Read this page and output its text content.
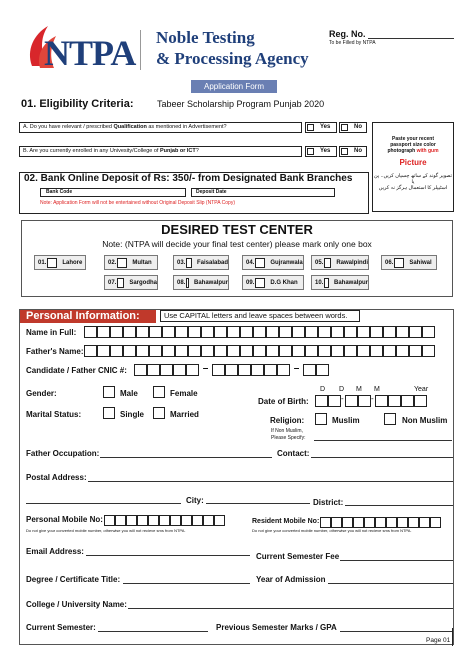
NTPA Noble Testing
& Processing Agency
Reg. No.
To be Filled by NTPA
Application Form
01. Eligibility Criteria:	Tabeer Scholarship Program Punjab 2020
A. Do you have relevant / prescribed Qualification as mentioned in Advertisement?	Yes	No
B. Are you currently enrolled in any Univesity/College of Punjab or ICT?	Yes	No
Paste your recent
passport size color
photograph with gum
Picture
تصویر گوند کے ساتھ چسپاں کریں۔ پن یا
اسٹیپلر کا استعمال ہرگز نہ کریں
02. Bank Online Deposit of Rs: 350/- from Designated Bank Branches
Bank Code	Deposit Date
Note: Application Form will not be entertained without Original Deposit Slip (NTPA Copy)
DESIRED TEST CENTER
Note: (NTPA will decide your final test center) please mark only one box
01.	Lahore	02.	Multan	03. Faisalabad	04.	Gujranwala	05. Rawalpindi	06.	Sahiwal
07. Sargodha	08. Bahawalpur	09.	D.G Khan	10. Bahawalpur
Personal Information:	Use CAPITAL letters and leave spaces between words.
Name in Full:
Father's Name:
Candidate / Father CNIC #:	–	–
Gender:	Male	Female	D D M M	Year
Date of Birth:	-	-
Marital Status:	Single	Married
Religion:	Muslim	Non Muslim
If Non Muslim,
Please Specify:
Father Occupation:	Contact:
Postal Address:
City:	District:
Personal Mobile No:
Do not give your converted mobile number, otherwise you will not recieve sms from NTPA.
Resident Mobile No:
Do not give your converted mobile number, otherwise you will not recieve sms from NTPA.
Email Address:
Current Semester Fee
Degree / Certificate Title:	Year of Admission
College / University Name:
Current Semester:	Previous Semester Marks / GPA
Page 01
